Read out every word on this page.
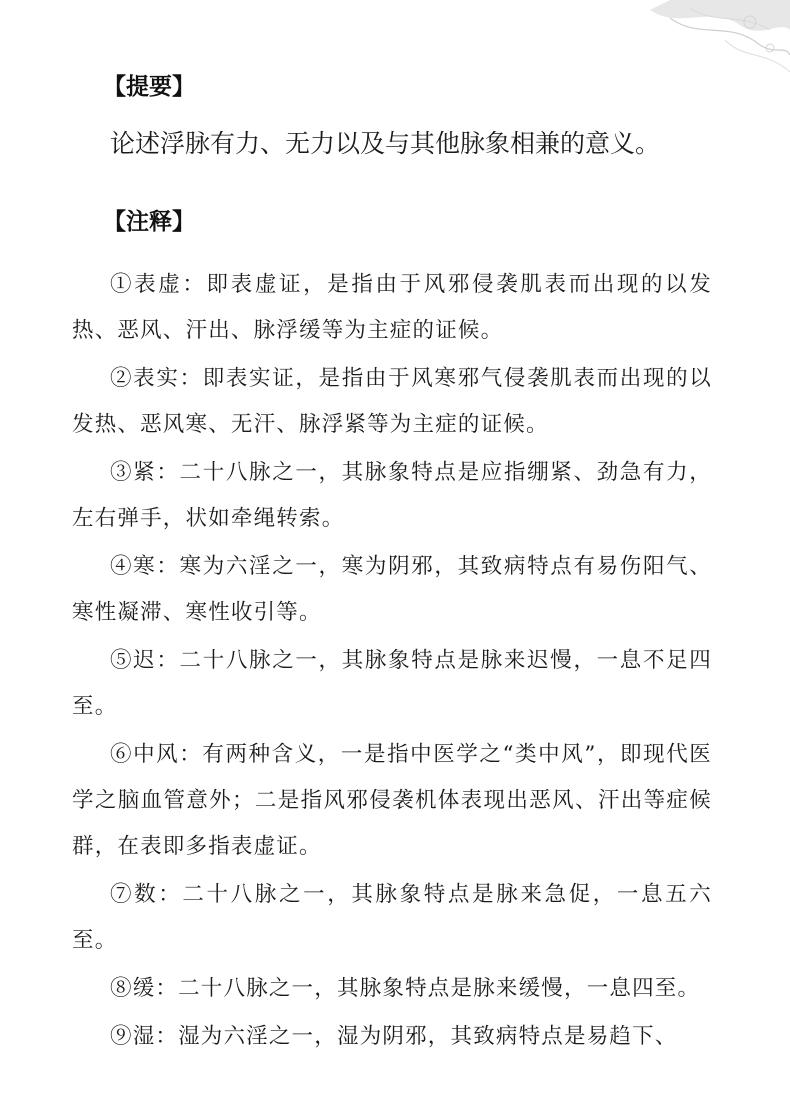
【提要】
论述浮脉有力、无力以及与其他脉象相兼的意义。
【注释】

①表虚：即表虚证，是指由于风邪侵袭肌表而出现的以发热、恶风、汗出、脉浮缓等为主症的证候。

②表实：即表实证，是指由于风寒邪气侵袭肌表而出现的以发热、恶风寒、无汗、脉浮紧等为主症的证候。

③紧：二十八脉之一，其脉象特点是应指绷紧、劲急有力，左右弹手，状如牵绳转索。

④寒：寒为六淫之一，寒为阴邪，其致病特点有易伤阳气、寒性凝滞、寒性收引等。

⑤迟：二十八脉之一，其脉象特点是脉来迟慢，一息不足四至。

⑥中风：有两种含义，一是指中医学之“类中风”，即现代医学之脑血管意外；二是指风邪侵袭机体表现出恶风、汗出等症候群，在表即多指表虚证。

⑦数：二十八脉之一，其脉象特点是脉来急促，一息五六至。

⑧缓：二十八脉之一，其脉象特点是脉来缓慢，一息四至。

⑨湿：湿为六淫之一，湿为阴邪，其致病特点是易趋下、
